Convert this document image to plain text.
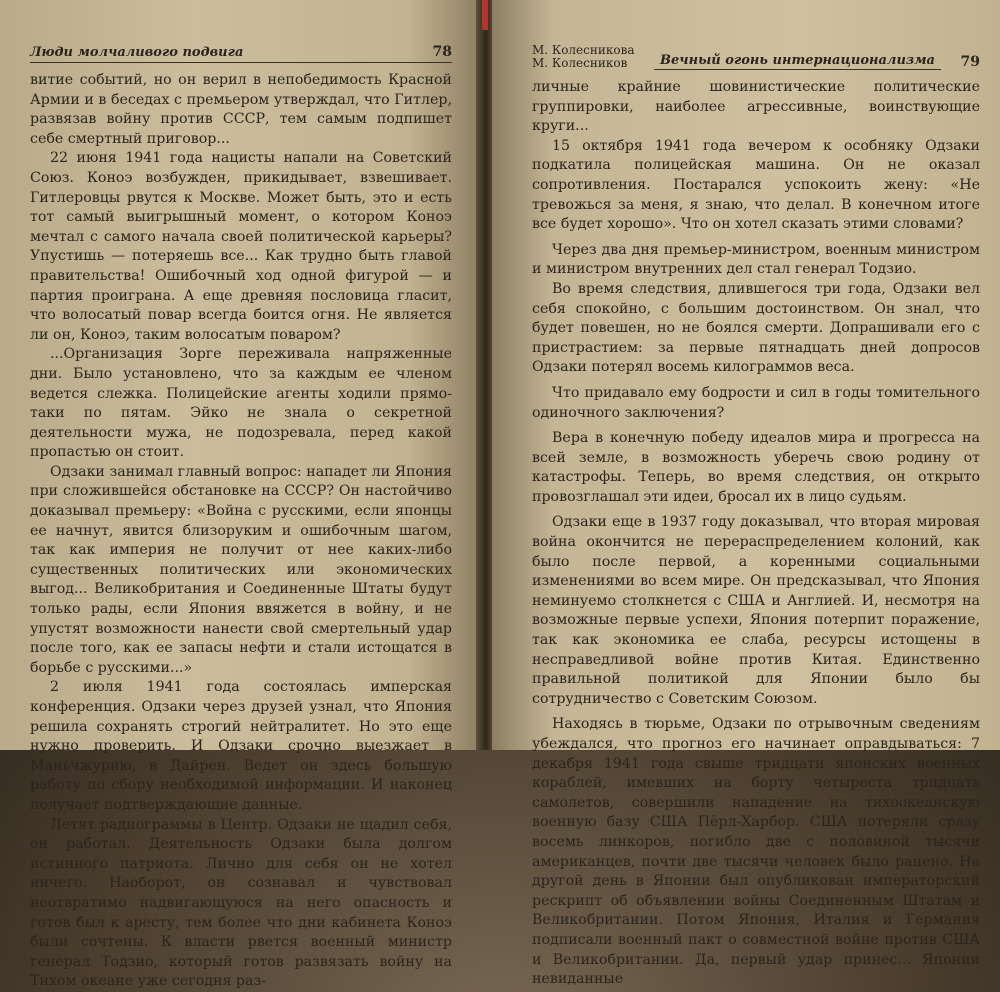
Люди молчаливого подвига	78

витие событий, но он верил в непобедимость Красной Армии и в беседах с премьером утверждал, что Гитлер, развязав войну против СССР, тем самым подпишет себе смертный приговор...

22 июня 1941 года нацисты напали на Советский Союз. Коноэ возбужден, прикидывает, взвешивает. Гитлеровцы рвутся к Москве. Может быть, это и есть тот самый выигрышный момент, о котором Коноэ мечтал с самого начала своей политической карьеры? Упустишь — потеряешь все... Как трудно быть главой правительства! Ошибочный ход одной фигурой — и партия проиграна. А еще древняя пословица гласит, что волосатый повар всегда боится огня. Не является ли он, Коноэ, таким волосатым поваром?

...Организация Зорге переживала напряженные дни. Было установлено, что за каждым ее членом ведется слежка. Полицейские агенты ходили прямо-таки по пятам. Эйко не знала о секретной деятельности мужа, не подозревала, перед какой пропастью он стоит.

Одзаки занимал главный вопрос: нападет ли Япония при сложившейся обстановке на СССР? Он настойчиво доказывал премьеру: «Война с русскими, если японцы ее начнут, явится близоруким и ошибочным шагом, так как империя не получит от нее каких-либо существенных политических или экономических выгод... Великобритания и Соединенные Штаты будут только рады, если Япония ввяжется в войну, и не упустят возможности нанести свой смертельный удар после того, как ее запасы нефти и стали истощатся в борьбе с русскими...»

2 июля 1941 года состоялась имперская конференция. Одзаки через друзей узнал, что Япония решила сохранять строгий нейтралитет. Но это еще нужно проверить. И Одзаки срочно выезжает в Маньчжурию, в Дайрен. Ведет он здесь большую работу по сбору необходимой информации. И наконец получает подтверждающие данные.

Летят радиограммы в Центр. Одзаки не щадил себя, он работал. Деятельность Одзаки была долгом истинного патриота. Лично для себя он не хотел ничего. Наоборот, он сознавал и чувствовал неотвратимо надвигающуюся на него опасность и готов был к аресту, тем более что дни кабинета Коноэ были сочтены. К власти рвется военный министр генерал Тодзио, который готов развязать войну на Тихом океане уже сегодня раз-

М. Колесникова
М. Колесников	Вечный огонь интернационализма	79

личные крайние шовинистические политические группировки, наиболее агрессивные, воинствующие круги...

15 октября 1941 года вечером к особняку Одзаки подкатила полицейская машина. Он не оказал сопротивления. Постарался успокоить жену: «Не тревожься за меня, я знаю, что делал. В конечном итоге все будет хорошо». Что он хотел сказать этими словами?

Через два дня премьер-министром, военным министром и министром внутренних дел стал генерал Тодзио.

Во время следствия, длившегося три года, Одзаки вел себя спокойно, с большим достоинством. Он знал, что будет повешен, но не боялся смерти. Допрашивали его с пристрастием: за первые пятнадцать дней допросов Одзаки потерял восемь килограммов веса.

Что придавало ему бодрости и сил в годы томительного одиночного заключения?

Вера в конечную победу идеалов мира и прогресса на всей земле, в возможность уберечь свою родину от катастрофы. Теперь, во время следствия, он открыто провозглашал эти идеи, бросал их в лицо судьям.

Одзаки еще в 1937 году доказывал, что вторая мировая война окончится не перераспределением колоний, как было после первой, а коренными социальными изменениями во всем мире. Он предсказывал, что Япония неминуемо столкнется с США и Англией. И, несмотря на возможные первые успехи, Япония потерпит поражение, так как экономика ее слаба, ресурсы истощены в несправедливой войне против Китая. Единственно правильной политикой для Японии было бы сотрудничество с Советским Союзом.

Находясь в тюрьме, Одзаки по отрывочным сведениям убеждался, что прогноз его начинает оправдываться: 7 декабря 1941 года свыше тридцати японских военных кораблей, имевших на борту четыреста тридцать самолетов, совершили нападение на тихоокеанскую военную базу США Пёрл-Харбор. США потеряли сразу восемь линкоров, погибло две с половиной тысячи американцев, почти две тысячи человек было ранено. На другой день в Японии был опубликован императорский рескрипт об объявлении войны Соединенным Штатам и Великобритании. Потом Япония, Италия и Германия подписали военный пакт о совместной войне против США и Великобритании. Да, первый удар принес... Японии невиданные
